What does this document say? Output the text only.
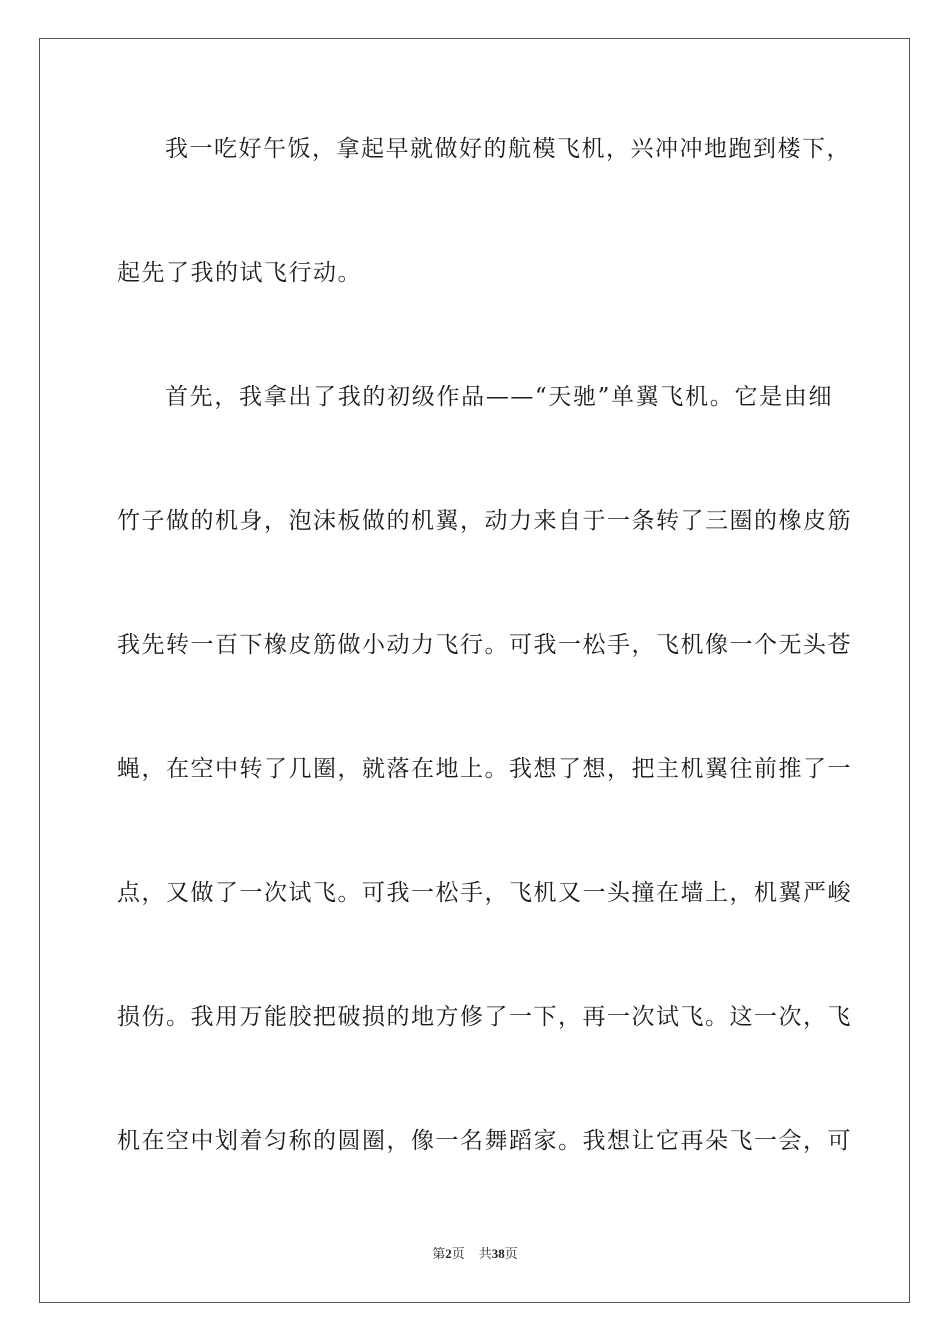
我一吃好午饭，拿起早就做好的航模飞机，兴冲冲地跑到楼下，
起先了我的试飞行动。
首先，我拿出了我的初级作品——“天驰”单翼飞机。它是由细
竹子做的机身，泡沫板做的机翼，动力来自于一条转了三圈的橡皮筋
我先转一百下橡皮筋做小动力飞行。可我一松手，飞机像一个无头苍
蝇，在空中转了几圈，就落在地上。我想了想，把主机翼往前推了一
点，又做了一次试飞。可我一松手，飞机又一头撞在墙上，机翼严峻
损伤。我用万能胶把破损的地方修了一下，再一次试飞。这一次，飞
机在空中划着匀称的圆圈，像一名舞蹈家。我想让它再朵飞一会，可
第2页 共38页
